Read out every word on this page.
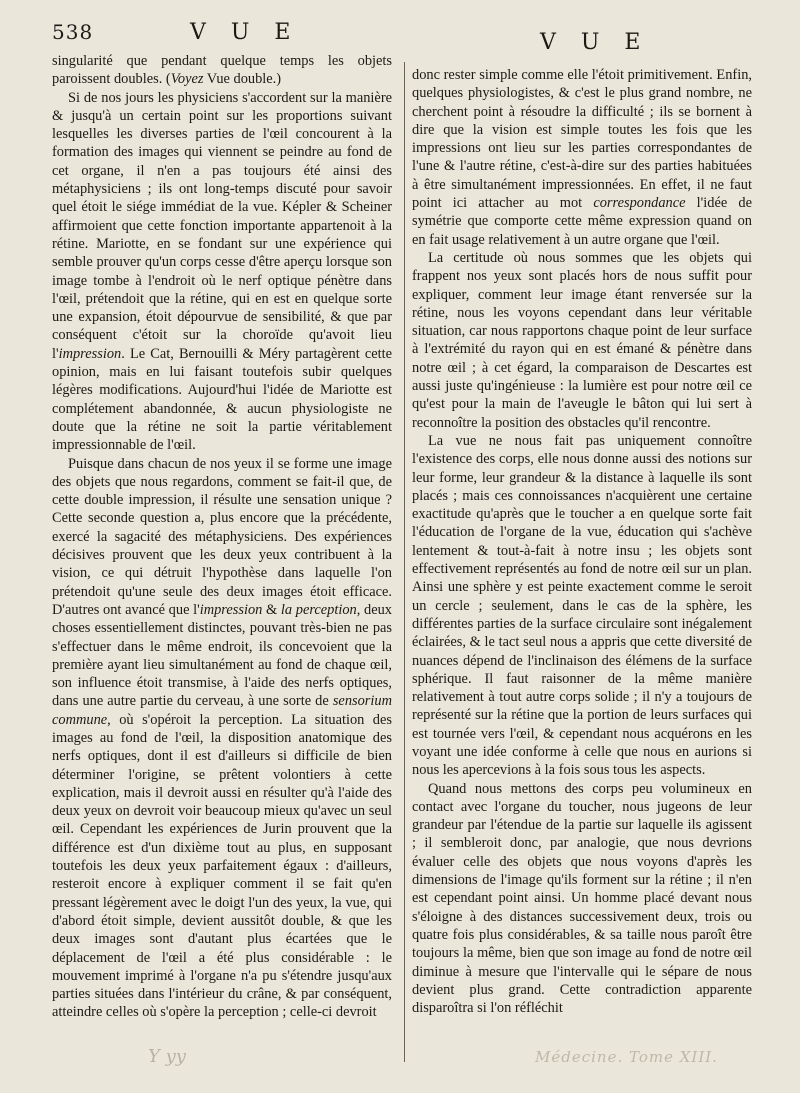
538	V U E	V U E

singularité que pendant quelque temps les objets paroissent doubles. (Voyez Vue double.)

Si de nos jours les physiciens s'accordent sur la manière & jusqu'à un certain point sur les proportions suivant lesquelles les diverses parties de l'œil concourent à la formation des images qui viennent se peindre au fond de cet organe, il n'en a pas toujours été ainsi des métaphysiciens ; ils ont long-temps discuté pour savoir quel étoit le siége immédiat de la vue. Képler & Scheiner affirmoient que cette fonction importante appartenoit à la rétine. Mariotte, en se fondant sur une expérience qui semble prouver qu'un corps cesse d'être aperçu lorsque son image tombe à l'endroit où le nerf optique pénètre dans l'œil, prétendoit que la rétine, qui en est en quelque sorte une expansion, étoit dépourvue de sensibilité, & que par conséquent c'étoit sur la choroïde qu'avoit lieu l'impression. Le Cat, Bernouilli & Méry partagèrent cette opinion, mais en lui faisant toutefois subir quelques légères modifications. Aujourd'hui l'idée de Mariotte est complétement abandonnée, & aucun physiologiste ne doute que la rétine ne soit la partie véritablement impressionnable de l'œil.

Puisque dans chacun de nos yeux il se forme une image des objets que nous regardons, comment se fait-il que, de cette double impression, il résulte une sensation unique ? Cette seconde question a, plus encore que la précédente, exercé la sagacité des métaphysiciens. Des expériences décisives prouvent que les deux yeux contribuent à la vision, ce qui détruit l'hypothèse dans laquelle l'on prétendoit qu'une seule des deux images étoit efficace. D'autres ont avancé que l'impression & la perception, deux choses essentiellement distinctes, pouvant très-bien ne pas s'effectuer dans le même endroit, ils concevoient que la première ayant lieu simultanément au fond de chaque œil, son influence étoit transmise, à l'aide des nerfs optiques, dans une autre partie du cerveau, à une sorte de sensorium commune, où s'opéroit la perception. La situation des images au fond de l'œil, la disposition anatomique des nerfs optiques, dont il est d'ailleurs si difficile de bien déterminer l'origine, se prêtent volontiers à cette explication, mais il devroit aussi en résulter qu'à l'aide des deux yeux on devroit voir beaucoup mieux qu'avec un seul œil. Cependant les expériences de Jurin prouvent que la différence est d'un dixième tout au plus, en supposant toutefois les deux yeux parfaitement égaux : d'ailleurs, resteroit encore à expliquer comment il se fait qu'en pressant légèrement avec le doigt l'un des yeux, la vue, qui d'abord étoit simple, devient aussitôt double, & que les deux images sont d'autant plus écartées que le déplacement de l'œil a été plus considérable : le mouvement imprimé à l'organe n'a pu s'étendre jusqu'aux parties situées dans l'intérieur du crâne, & par conséquent, atteindre celles où s'opère la perception ; celle-ci devroit

donc rester simple comme elle l'étoit primitivement. Enfin, quelques physiologistes, & c'est le plus grand nombre, ne cherchent point à résoudre la difficulté ; ils se bornent à dire que la vision est simple toutes les fois que les impressions ont lieu sur les parties correspondantes de l'une & l'autre rétine, c'est-à-dire sur des parties habituées à être simultanément impressionnées. En effet, il ne faut point ici attacher au mot correspondance l'idée de symétrie que comporte cette même expression quand on en fait usage relativement à un autre organe que l'œil.

La certitude où nous sommes que les objets qui frappent nos yeux sont placés hors de nous suffit pour expliquer, comment leur image étant renversée sur la rétine, nous les voyons cependant dans leur véritable situation, car nous rapportons chaque point de leur surface à l'extrémité du rayon qui en est émané & pénètre dans notre œil ; à cet égard, la comparaison de Descartes est aussi juste qu'ingénieuse : la lumière est pour notre œil ce qu'est pour la main de l'aveugle le bâton qui lui sert à reconnoître la position des obstacles qu'il rencontre.

La vue ne nous fait pas uniquement connoître l'existence des corps, elle nous donne aussi des notions sur leur forme, leur grandeur & la distance à laquelle ils sont placés ; mais ces connoissances n'acquièrent une certaine exactitude qu'après que le toucher a en quelque sorte fait l'éducation de l'organe de la vue, éducation qui s'achève lentement & tout-à-fait à notre insu ; les objets sont effectivement représentés au fond de notre œil sur un plan. Ainsi une sphère y est peinte exactement comme le seroit un cercle ; seulement, dans le cas de la sphère, les différentes parties de la surface circulaire sont inégalement éclairées, & le tact seul nous a appris que cette diversité de nuances dépend de l'inclinaison des élémens de la surface sphérique. Il faut raisonner de la même manière relativement à tout autre corps solide ; il n'y a toujours de représenté sur la rétine que la portion de leurs surfaces qui est tournée vers l'œil, & cependant nous acquérons en les voyant une idée conforme à celle que nous en aurions si nous les apercevions à la fois sous tous les aspects.

Quand nous mettons des corps peu volumineux en contact avec l'organe du toucher, nous jugeons de leur grandeur par l'étendue de la partie sur laquelle ils agissent ; il sembleroit donc, par analogie, que nous devrions évaluer celle des objets que nous voyons d'après les dimensions de l'image qu'ils forment sur la rétine ; il n'en est cependant point ainsi. Un homme placé devant nous s'éloigne à des distances successivement deux, trois ou quatre fois plus considérables, & sa taille nous paroît être toujours la même, bien que son image au fond de notre œil diminue à mesure que l'intervalle qui le sépare de nous devient plus grand. Cette contradiction apparente disparoîtra si l'on réfléchit

Y yy	Médecine. Tome XIII.
